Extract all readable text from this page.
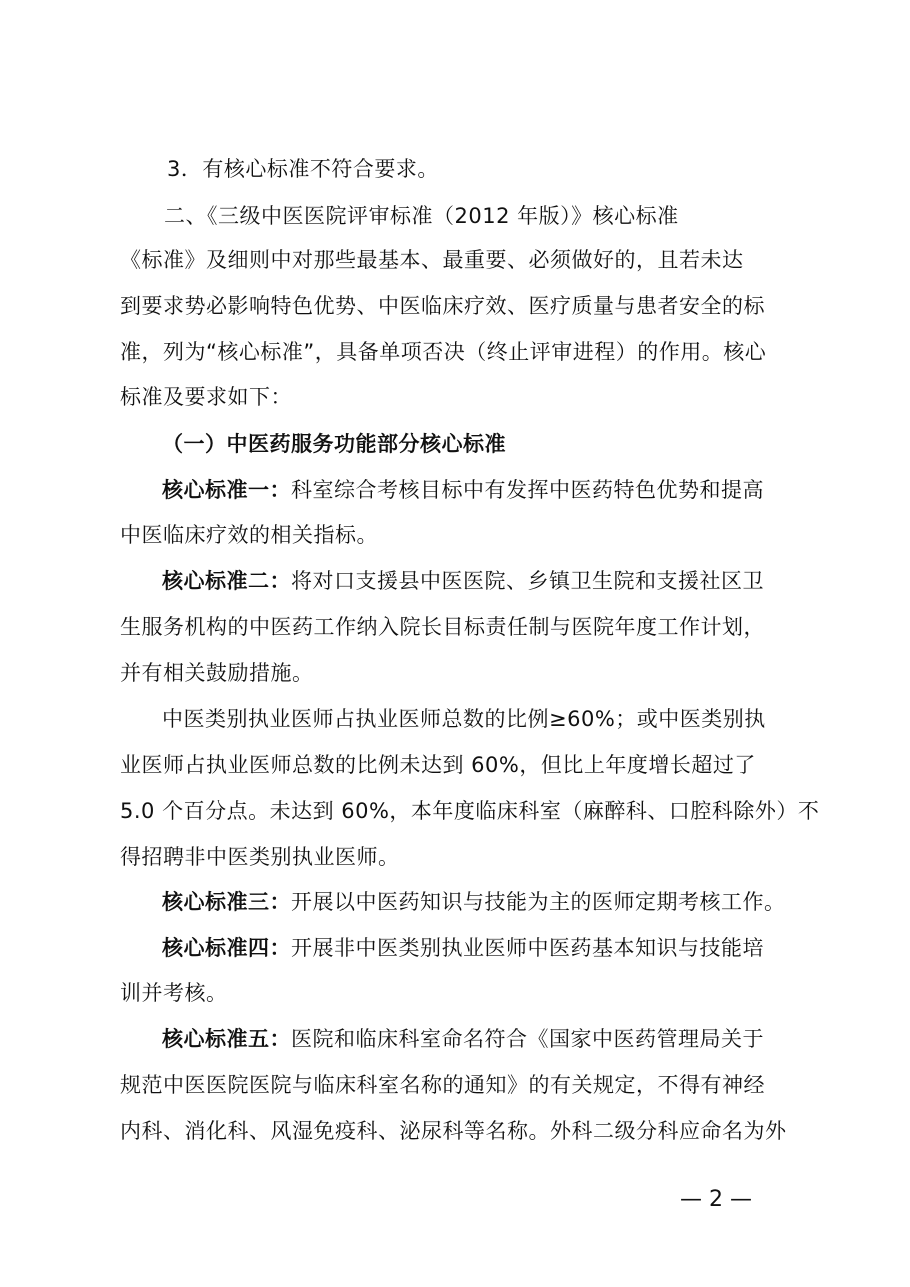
3．有核心标准不符合要求。
二、《三级中医医院评审标准（2012 年版）》核心标准
《标准》及细则中对那些最基本、最重要、必须做好的，且若未达
到要求势必影响特色优势、中医临床疗效、医疗质量与患者安全的标
准，列为“核心标准”，具备单项否决（终止评审进程）的作用。核心
标准及要求如下：
（一）中医药服务功能部分核心标准
核心标准一：科室综合考核目标中有发挥中医药特色优势和提高
中医临床疗效的相关指标。
核心标准二：将对口支援县中医医院、乡镇卫生院和支援社区卫
生服务机构的中医药工作纳入院长目标责任制与医院年度工作计划，
并有相关鼓励措施。
中医类别执业医师占执业医师总数的比例≥60%；或中医类别执
业医师占执业医师总数的比例未达到 60%，但比上年度增长超过了
5.0 个百分点。未达到 60%，本年度临床科室（麻醉科、口腔科除外）不
得招聘非中医类别执业医师。
核心标准三：开展以中医药知识与技能为主的医师定期考核工作。
核心标准四：开展非中医类别执业医师中医药基本知识与技能培
训并考核。
核心标准五：医院和临床科室命名符合《国家中医药管理局关于
规范中医医院医院与临床科室名称的通知》的有关规定，不得有神经
内科、消化科、风湿免疫科、泌尿科等名称。外科二级分科应命名为外
— 2 —
